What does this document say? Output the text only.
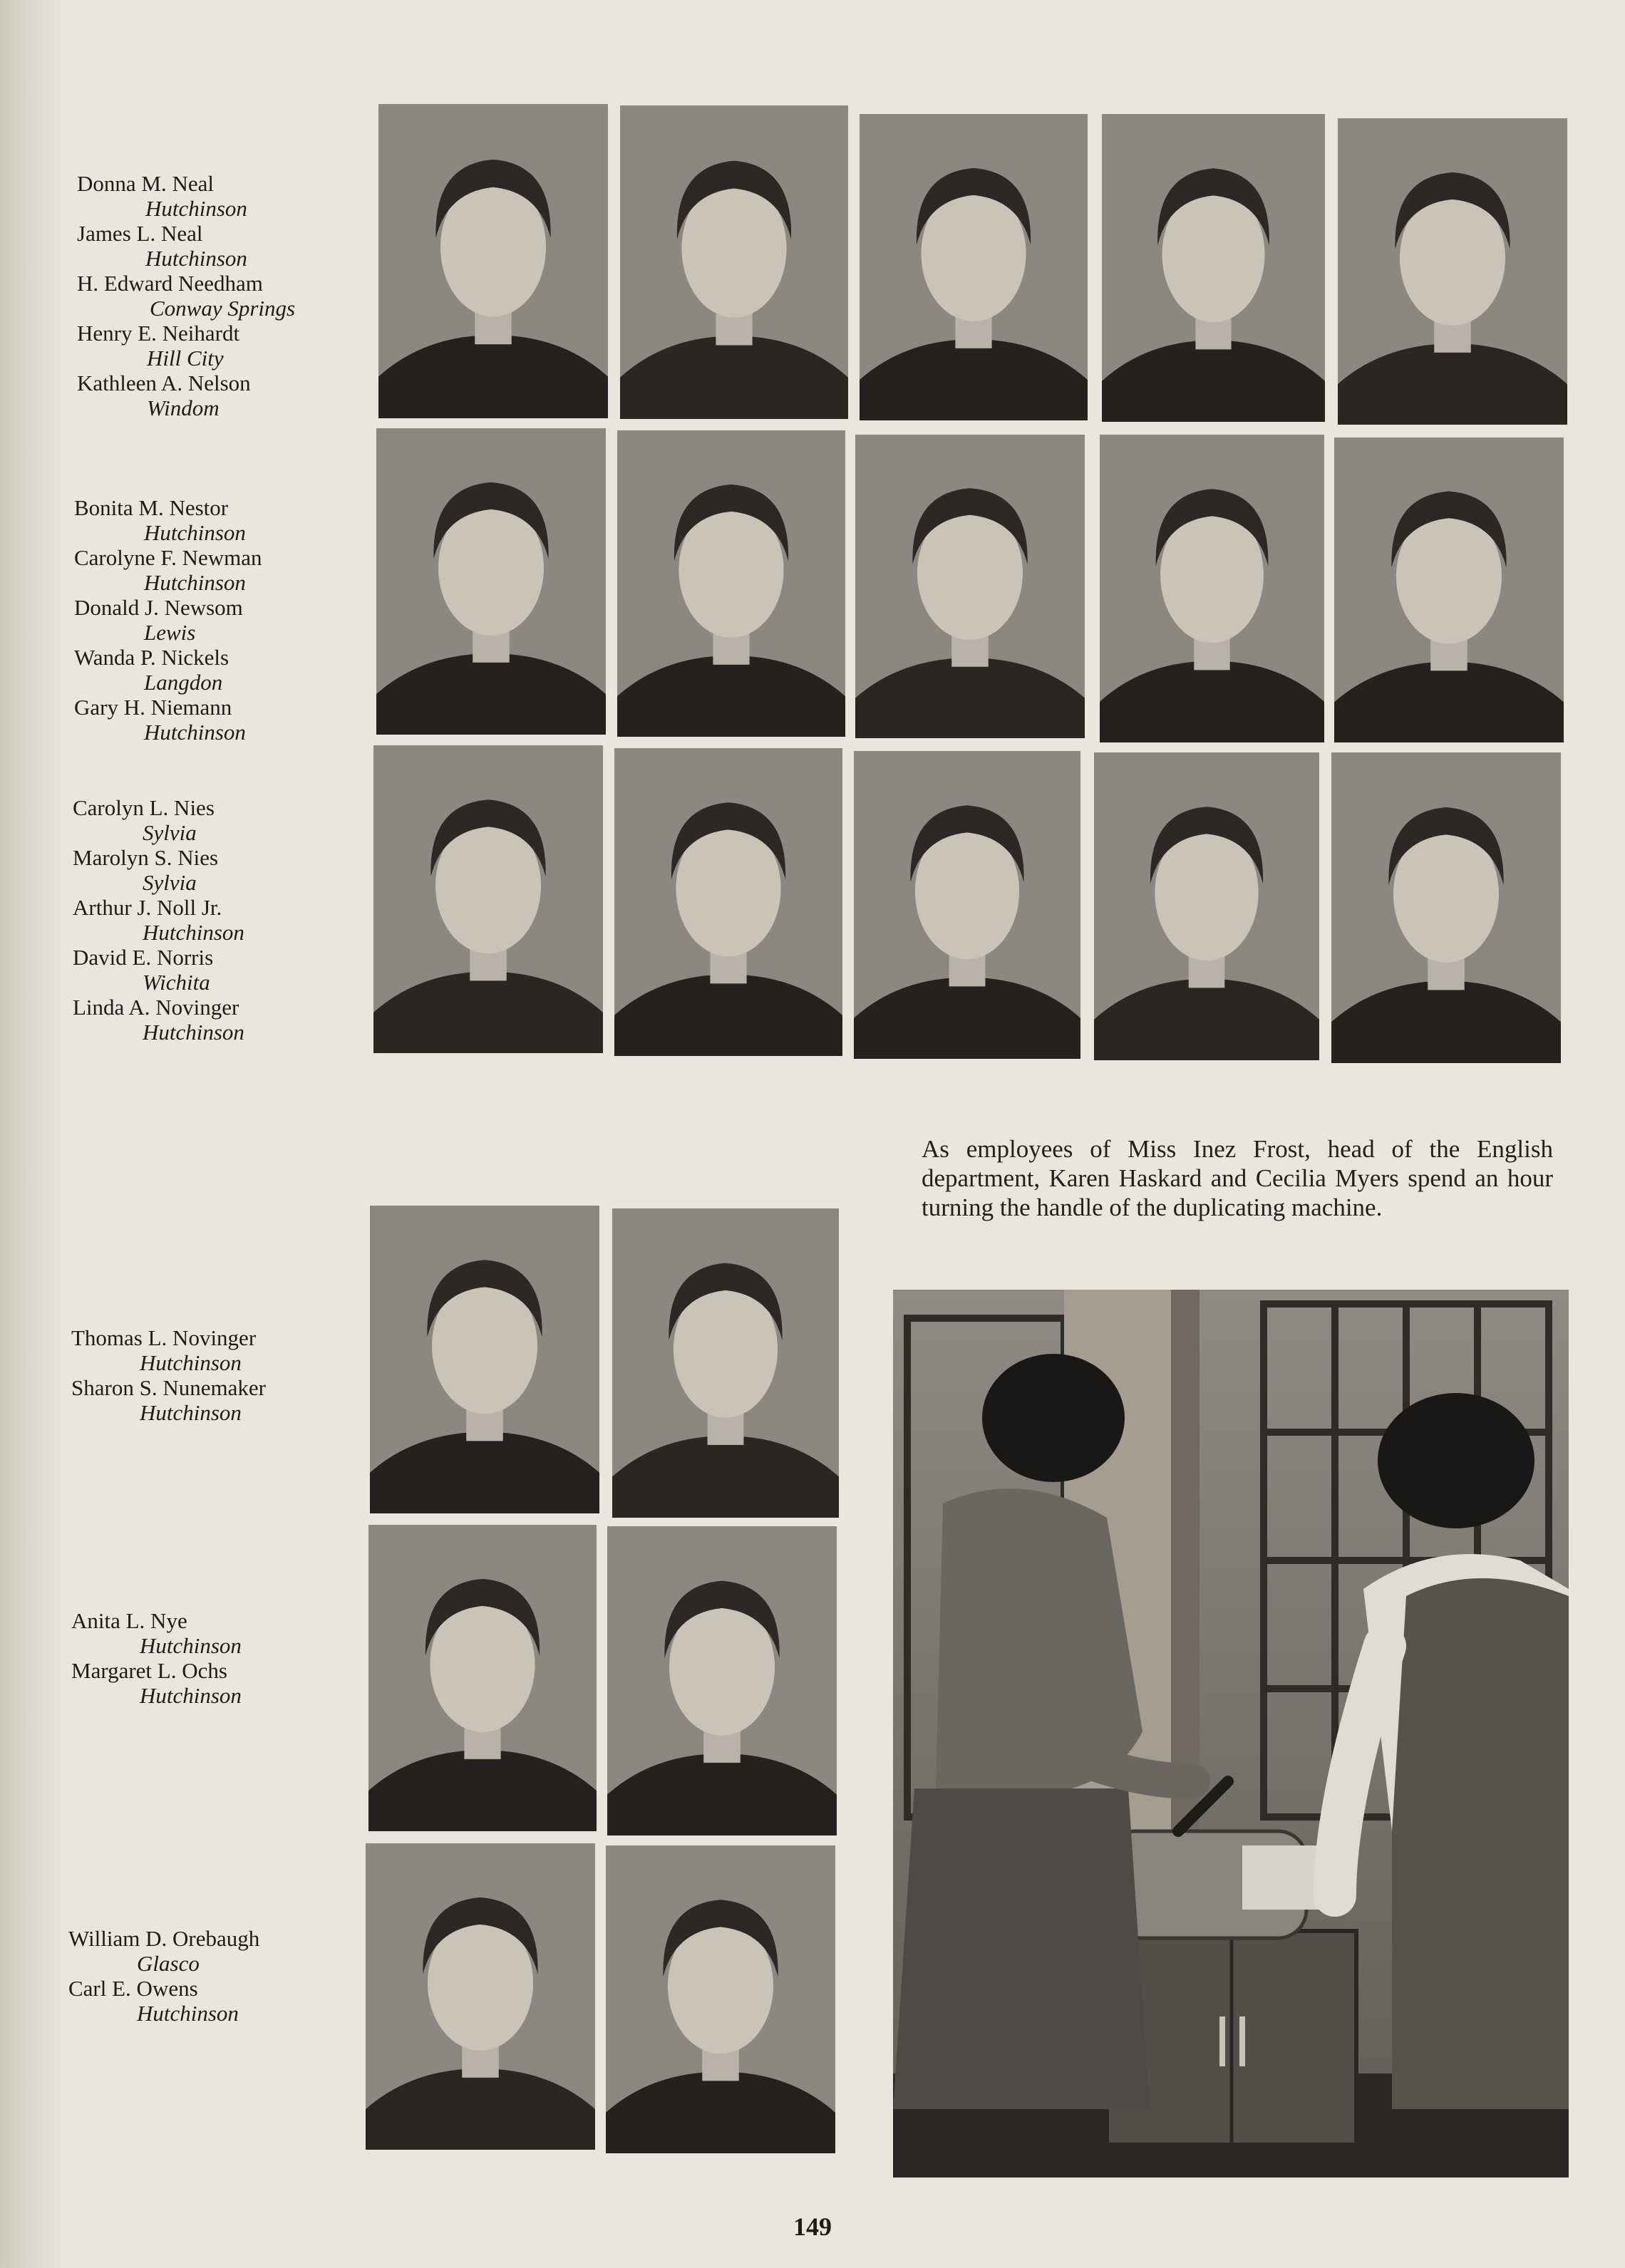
Donna M. Neal
Hutchinson
James L. Neal
Hutchinson
H. Edward Needham
Conway Springs
Henry E. Neihardt
Hill City
Kathleen A. Nelson
Windom
Bonita M. Nestor
Hutchinson
Carolyne F. Newman
Hutchinson
Donald J. Newsom
Lewis
Wanda P. Nickels
Langdon
Gary H. Niemann
Hutchinson
Carolyn L. Nies
Sylvia
Marolyn S. Nies
Sylvia
Arthur J. Noll Jr.
Hutchinson
David E. Norris
Wichita
Linda A. Novinger
Hutchinson
Thomas L. Novinger
Hutchinson
Sharon S. Nunemaker
Hutchinson
Anita L. Nye
Hutchinson
Margaret L. Ochs
Hutchinson
William D. Orebaugh
Glasco
Carl E. Owens
Hutchinson
As employees of Miss Inez Frost, head of the English department, Karen Haskard and Cecilia Myers spend an hour turning the handle of the duplicating machine.
149
